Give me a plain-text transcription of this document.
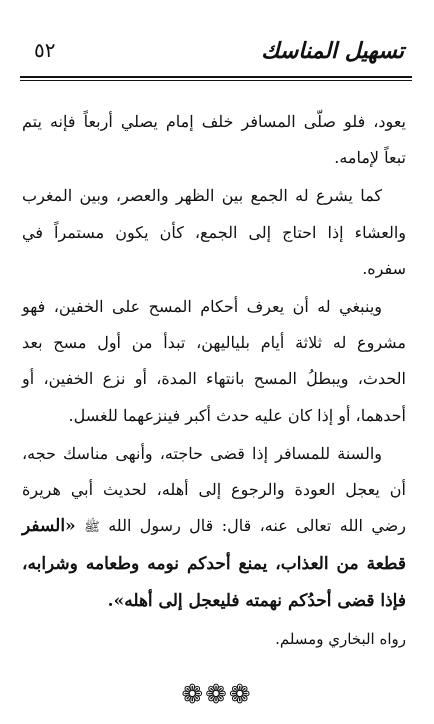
تسهيل المناسك
٥٢

يعود، فلو صلّى المسافر خلف إمام يصلي أربعاً فإنه يتم تبعاً لإمامه.

كما يشرع له الجمع بين الظهر والعصر، وبين المغرب والعشاء إذا احتاج إلى الجمع، كأن يكون مستمراً في سفره.

وينبغي له أن يعرف أحكام المسح على الخفين، فهو مشروع له ثلاثة أيام بلياليهن، تبدأ من أول مسح بعد الحدث، ويبطلُ المسح بانتهاء المدة، أو نزع الخفين، أو أحدهما، أو إذا كان عليه حدث أكبر فينزعهما للغسل.

والسنة للمسافر إذا قضى حاجته، وأنهى مناسك حجه، أن يعجل العودة والرجوع إلى أهله، لحديث أبي هريرة رضي الله تعالى عنه، قال: قال رسول الله ﷺ «السفر قطعة من العذاب، يمنع أحدكم نومه وطعامه وشرابه، فإذا قضى أحدُكم نهمته فليعجل إلى أهله».

رواه البخاري ومسلم.

❁❁❁
